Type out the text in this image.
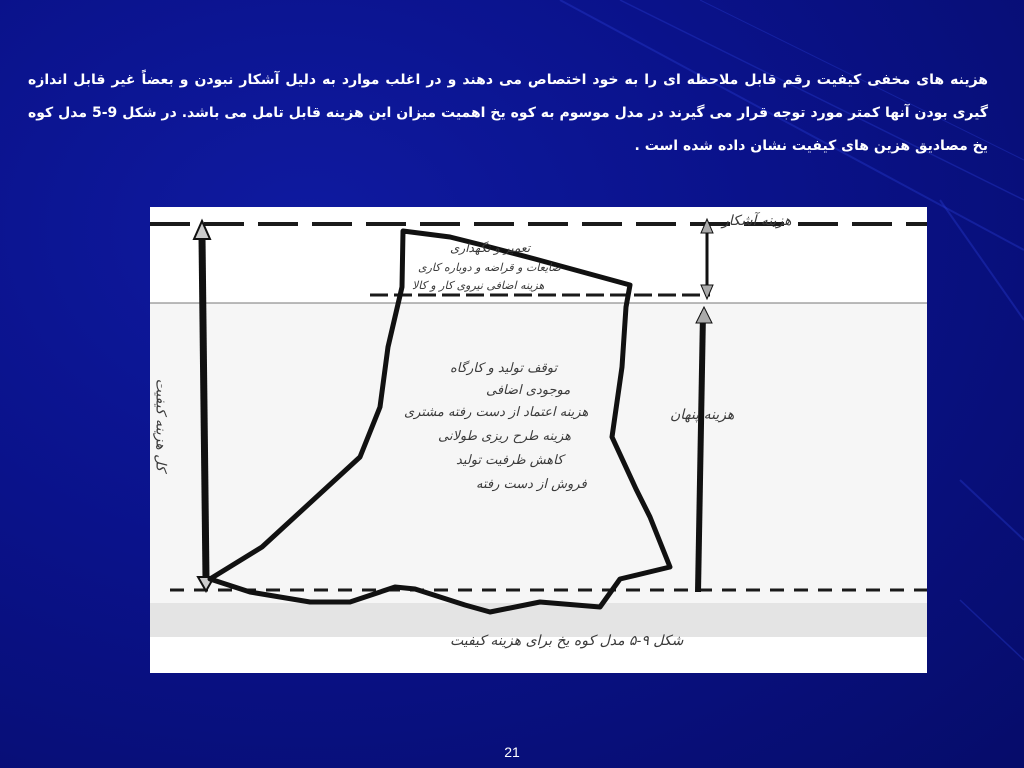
هزینه های مخفی کیفیت رقم قابل ملاحظه ای را به خود اختصاص می دهند و در اغلب موارد به دلیل آشکار نبودن و بعضاً غیر قابل اندازه گیری بودن آنها کمتر مورد توجه قرار می گیرند در مدل موسوم به کوه یخ اهمیت میزان این هزینه قابل تامل می باشد. در شکل 9-5 مدل کوه یخ مصادیق هزین های کیفیت نشان داده شده است .

هزینه آشکار
هزینه پنهان
کل هزینه کیفیت
تعمیر و نگهداری
ضایعات و قراضه و دوباره کاری
هزینه اضافی نیروی کار و کالا
توقف تولید و کارگاه
موجودی اضافی
هزینه اعتماد از دست رفته مشتری
هزینه طرح ریزی طولانی
کاهش ظرفیت تولید
فروش از دست رفته
شکل ۹-۵ مدل کوه یخ برای هزینه کیفیت
21
